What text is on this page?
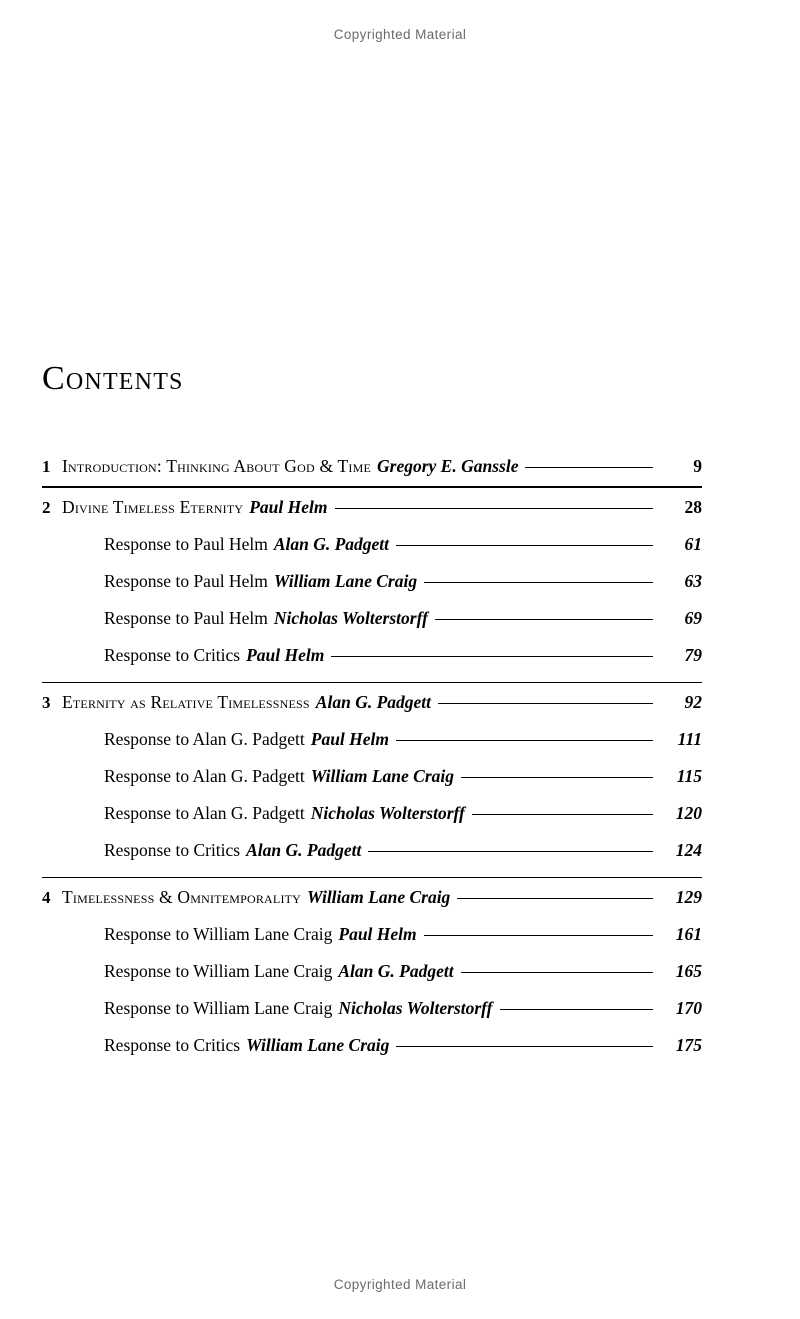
Copyrighted Material
Contents
1 Introduction: Thinking About God & Time Gregory E. Ganssle	9
2 Divine Timeless Eternity Paul Helm	28
Response to Paul Helm Alan G. Padgett	61
Response to Paul Helm William Lane Craig	63
Response to Paul Helm Nicholas Wolterstorff	69
Response to Critics Paul Helm	79
3 Eternity as Relative Timelessness Alan G. Padgett	92
Response to Alan G. Padgett Paul Helm	111
Response to Alan G. Padgett William Lane Craig	115
Response to Alan G. Padgett Nicholas Wolterstorff	120
Response to Critics Alan G. Padgett	124
4 Timelessness & Omnitemporality William Lane Craig	129
Response to William Lane Craig Paul Helm	161
Response to William Lane Craig Alan G. Padgett	165
Response to William Lane Craig Nicholas Wolterstorff	170
Response to Critics William Lane Craig	175
Copyrighted Material
